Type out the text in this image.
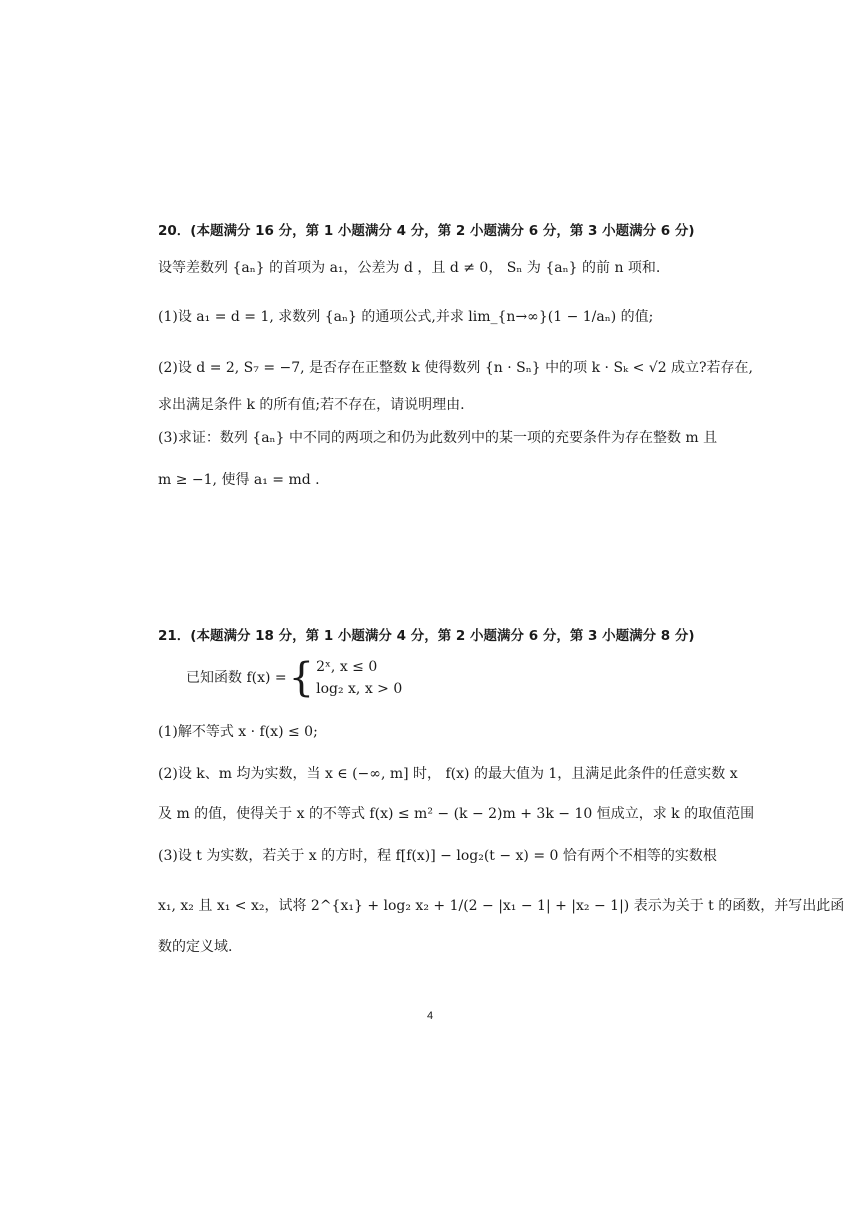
20．(本题满分 16 分，第 1 小题满分 4 分，第 2 小题满分 6 分，第 3 小题满分 6 分)
设等差数列 {aₙ} 的首项为 a₁，公差为 d ，且 d ≠ 0， Sₙ 为 {aₙ} 的前 n 项和.
(1)设 a₁ = d = 1, 求数列 {aₙ} 的通项公式,并求 lim_{n→∞}(1 − 1/aₙ) 的值;
(2)设 d = 2, S₇ = −7, 是否存在正整数 k 使得数列 {n · Sₙ} 中的项 k · Sₖ < √2 成立?若存在,
求出满足条件 k 的所有值;若不存在，请说明理由.
(3)求证：数列 {aₙ} 中不同的两项之和仍为此数列中的某一项的充要条件为存在整数 m 且
m ≥ −1, 使得 a₁ = md .
21．(本题满分 18 分，第 1 小题满分 4 分，第 2 小题满分 6 分，第 3 小题满分 8 分)
已知函数 f(x) = { 2ˣ, x ≤ 0
log₂ x, x > 0
(1)解不等式 x · f(x) ≤ 0;
(2)设 k、m 均为实数，当 x ∈ (−∞, m] 时， f(x) 的最大值为 1，且满足此条件的任意实数 x
及 m 的值，使得关于 x 的不等式 f(x) ≤ m² − (k − 2)m + 3k − 10 恒成立，求 k 的取值范围
(3)设 t 为实数，若关于 x 的方时，程 f[f(x)] − log₂(t − x) = 0 恰有两个不相等的实数根
x₁, x₂ 且 x₁ < x₂，试将 2^{x₁} + log₂ x₂ + 1/(2 − |x₁ − 1| + |x₂ − 1|) 表示为关于 t 的函数，并写出此函
数的定义域.
4
